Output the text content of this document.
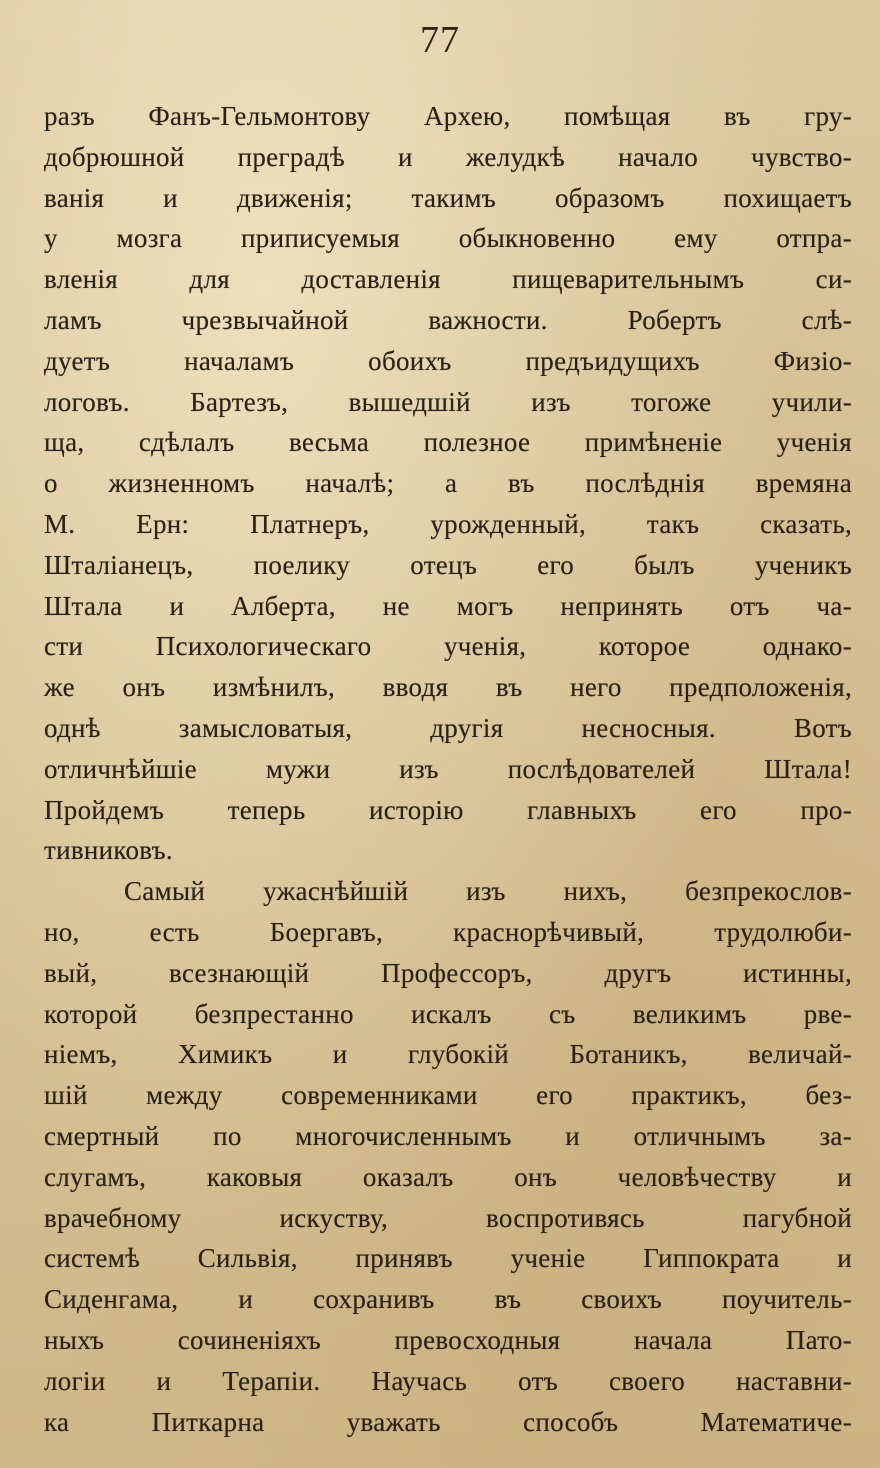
77
разъ Фанъ-Гельмонтову Архею, помѣщая въ гру-
добрюшной преградѣ и желудкѣ начало чувство-
ванія и движенія; такимъ образомъ похищаетъ
у мозга приписуемыя обыкновенно ему отпра-
вленія для доставленія пищеварительнымъ си-
ламъ чрезвычайной важности. Робертъ слѣ-
дуетъ началамъ обоихъ предъидущихъ Физіо-
логовъ. Бартезъ, вышедшій изъ тогоже учили-
ща, сдѣлалъ весьма полезное примѣненіе ученія
о жизненномъ началѣ; а въ послѣднія времяна
М. Ерн: Платнеръ, урожденный, такъ сказать,
Шталіанецъ, поелику отецъ его былъ ученикъ
Штала и Алберта, не могъ непринять отъ ча-
сти Психологическаго ученія, которое однако-
же онъ измѣнилъ, вводя въ него предположенія,
однѣ замысловатыя, другія несносныя. Вотъ
отличнѣйшіе мужи изъ послѣдователей Штала!
Пройдемъ теперь исторію главныхъ его про-
тивниковъ.
Самый ужаснѣйшій изъ нихъ, безпрекослов-
но, есть Боергавъ, краснорѣчивый, трудолюби-
вый, всезнающій Профессоръ, другъ истинны,
которой безпрестанно искалъ съ великимъ рве-
ніемъ, Химикъ и глубокій Ботаникъ, величай-
шій между современниками его практикъ, без-
смертный по многочисленнымъ и отличнымъ за-
слугамъ, каковыя оказалъ онъ человѣчеству и
врачебному искуству, воспротивясь пагубной
системѣ Сильвія, принявъ ученіе Гиппократа и
Сиденгама, и сохранивъ въ своихъ поучитель-
ныхъ сочиненіяхъ превосходныя начала Пато-
логіи и Терапіи. Научась отъ своего наставни-
ка Питкарна уважать способъ Математиче-
